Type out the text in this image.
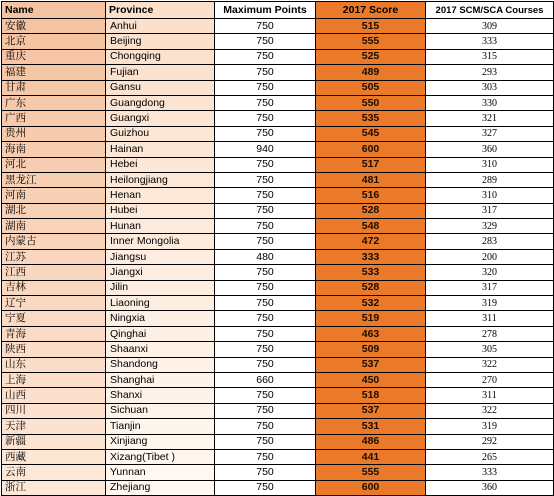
Name	Province	Maximum Points	2017 Score	2017 SCM/SCA Courses
安徽	Anhui	750	515	309
北京	Beijing	750	555	333
重庆	Chongqing	750	525	315
福建	Fujian	750	489	293
甘肃	Gansu	750	505	303
广东	Guangdong	750	550	330
广西	Guangxi	750	535	321
贵州	Guizhou	750	545	327
海南	Hainan	940	600	360
河北	Hebei	750	517	310
黑龙江	Heilongjiang	750	481	289
河南	Henan	750	516	310
湖北	Hubei	750	528	317
湖南	Hunan	750	548	329
内蒙古	Inner Mongolia	750	472	283
江苏	Jiangsu	480	333	200
江西	Jiangxi	750	533	320
吉林	Jilin	750	528	317
辽宁	Liaoning	750	532	319
宁夏	Ningxia	750	519	311
青海	Qinghai	750	463	278
陕西	Shaanxi	750	509	305
山东	Shandong	750	537	322
上海	Shanghai	660	450	270
山西	Shanxi	750	518	311
四川	Sichuan	750	537	322
天津	Tianjin	750	531	319
新疆	Xinjiang	750	486	292
西藏	Xizang(Tibet )	750	441	265
云南	Yunnan	750	555	333
浙江	Zhejiang	750	600	360
